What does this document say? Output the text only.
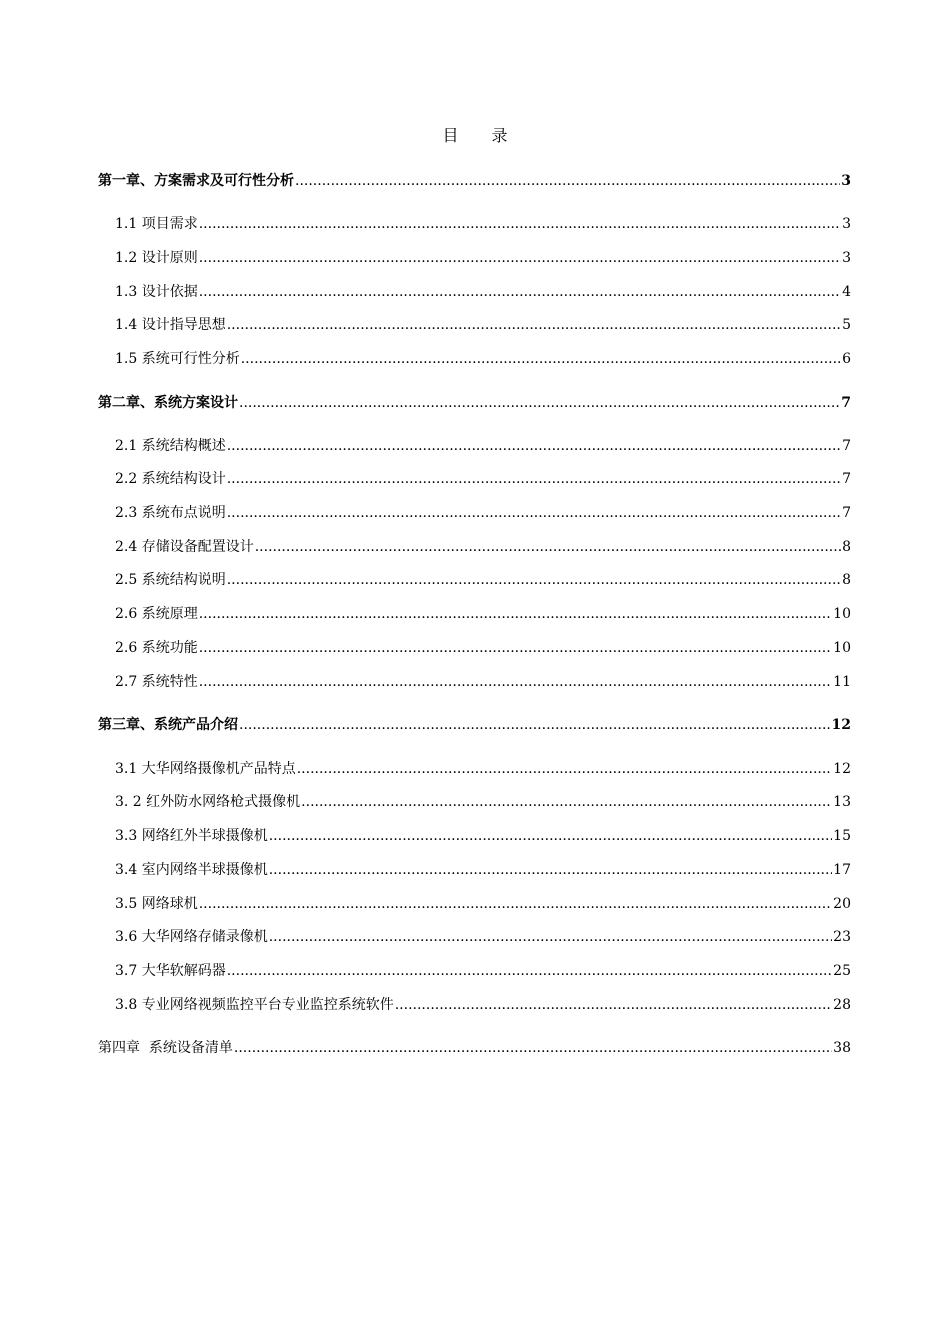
目 录
第一章、方案需求及可行性分析 .....	3
1.1 项目需求 .....	3
1.2 设计原则 .....	3
1.3 设计依据 .....	4
1.4 设计指导思想 .....	5
1.5 系统可行性分析 .....	6
第二章、系统方案设计 .....	7
2.1 系统结构概述 .....	7
2.2 系统结构设计 .....	7
2.3 系统布点说明 .....	7
2.4 存储设备配置设计 .....	8
2.5 系统结构说明 .....	8
2.6 系统原理 .....	10
2.6 系统功能 .....	10
2.7 系统特性 .....	11
第三章、系统产品介绍 .....	12
3.1 大华网络摄像机产品特点 .....	12
3. 2 红外防水网络枪式摄像机 .....	13
3.3 网络红外半球摄像机 .....	15
3.4 室内网络半球摄像机 .....	17
3.5 网络球机 .....	20
3.6 大华网络存储录像机 .....	23
3.7 大华软解码器 .....	25
3.8 专业网络视频监控平台专业监控系统软件 .....	28
第四章  系统设备清单 .....	38
